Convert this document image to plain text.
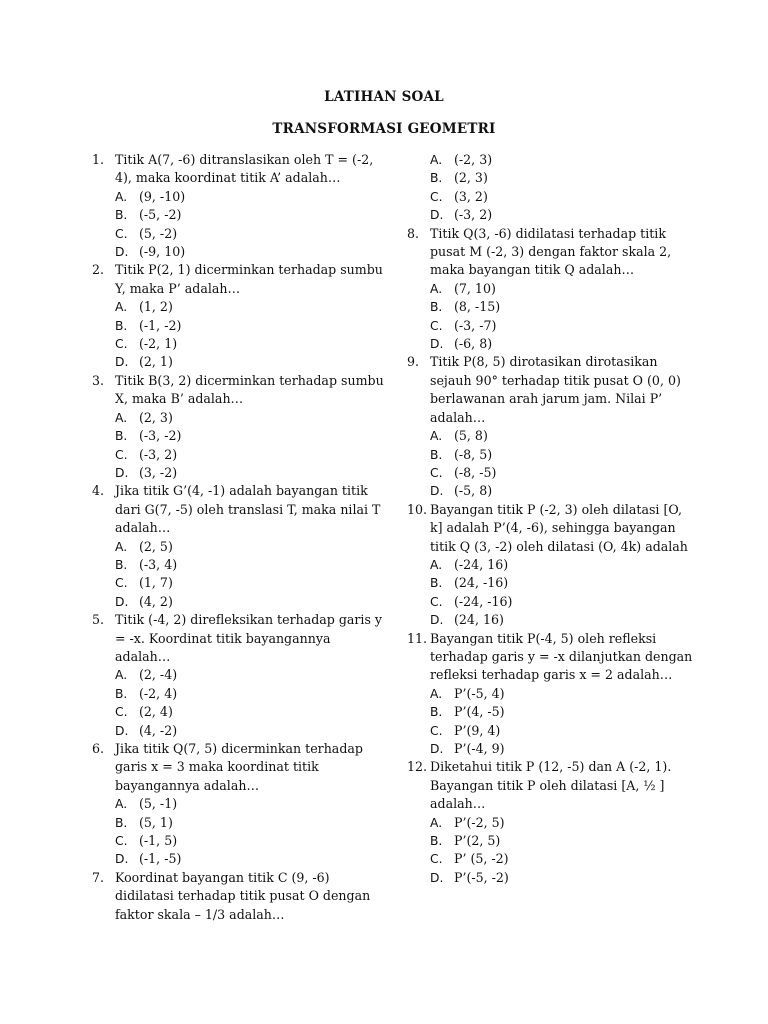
LATIHAN SOAL
TRANSFORMASI GEOMETRI
1. Titik A(7, -6) ditranslasikan oleh T = (-2, 4), maka koordinat titik A’ adalah…
A. (9, -10)
B. (-5, -2)
C. (5, -2)
D. (-9, 10)
2. Titik P(2, 1) dicerminkan terhadap sumbu Y, maka P’ adalah…
A. (1, 2)
B. (-1, -2)
C. (-2, 1)
D. (2, 1)
3. Titik B(3, 2) dicerminkan terhadap sumbu X, maka B’ adalah…
A. (2, 3)
B. (-3, -2)
C. (-3, 2)
D. (3, -2)
4. Jika titik G’(4, -1) adalah bayangan titik dari G(7, -5) oleh translasi T, maka nilai T adalah…
A. (2, 5)
B. (-3, 4)
C. (1, 7)
D. (4, 2)
5. Titik (-4, 2) direfleksikan terhadap garis y = -x. Koordinat titik bayangannya adalah…
A. (2, -4)
B. (-2, 4)
C. (2, 4)
D. (4, -2)
6. Jika titik Q(7, 5) dicerminkan terhadap garis x = 3 maka koordinat titik bayangannya adalah…
A. (5, -1)
B. (5, 1)
C. (-1, 5)
D. (-1, -5)
7. Koordinat bayangan titik C (9, -6) didilatasi terhadap titik pusat O dengan faktor skala – 1/3 adalah…
A. (-2, 3)
B. (2, 3)
C. (3, 2)
D. (-3, 2)
8. Titik Q(3, -6) didilatasi terhadap titik pusat M (-2, 3) dengan faktor skala 2, maka bayangan titik Q adalah…
A. (7, 10)
B. (8, -15)
C. (-3, -7)
D. (-6, 8)
9. Titik P(8, 5) dirotasikan dirotasikan sejauh 90° terhadap titik pusat O (0, 0) berlawanan arah jarum jam. Nilai P’ adalah…
A. (5, 8)
B. (-8, 5)
C. (-8, -5)
D. (-5, 8)
10. Bayangan titik P (-2, 3) oleh dilatasi [O, k] adalah P’(4, -6), sehingga bayangan titik Q (3, -2) oleh dilatasi (O, 4k) adalah
A. (-24, 16)
B. (24, -16)
C. (-24, -16)
D. (24, 16)
11. Bayangan titik P(-4, 5) oleh refleksi terhadap garis y = -x dilanjutkan dengan refleksi terhadap garis x = 2 adalah…
A. P’(-5, 4)
B. P’(4, -5)
C. P’(9, 4)
D. P’(-4, 9)
12. Diketahui titik P (12, -5) dan A (-2, 1). Bayangan titik P oleh dilatasi [A, ½ ] adalah…
A. P’(-2, 5)
B. P’(2, 5)
C. P’ (5, -2)
D. P’(-5, -2)
